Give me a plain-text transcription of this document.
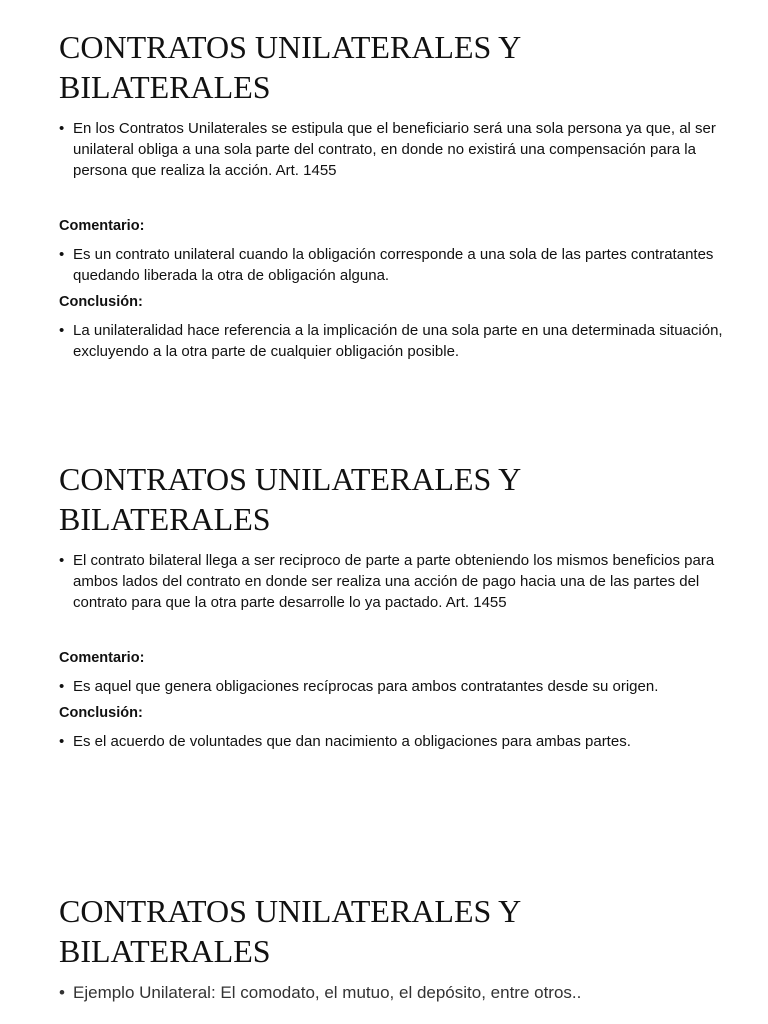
CONTRATOS UNILATERALES Y BILATERALES

• En los Contratos Unilaterales se estipula que el beneficiario será una sola persona ya que, al ser unilateral obliga a una sola parte del contrato, en donde no existirá una compensación para la persona que realiza la acción. Art. 1455

Comentario:

• Es un contrato unilateral cuando la obligación corresponde a una sola de las partes contratantes quedando liberada la otra de obligación alguna.

Conclusión:

• La unilateralidad hace referencia a la implicación de una sola parte en una determinada situación, excluyendo a la otra parte de cualquier obligación posible.

CONTRATOS UNILATERALES Y BILATERALES

• El contrato bilateral llega a ser reciproco de parte a parte obteniendo los mismos beneficios para ambos lados del contrato en donde ser realiza una acción de pago hacia una de las partes del contrato para que la otra parte desarrolle lo ya pactado. Art. 1455

Comentario:

• Es aquel que genera obligaciones recíprocas para ambos contratantes desde su origen.

Conclusión:

• Es el acuerdo de voluntades que dan nacimiento a obligaciones para ambas partes.

CONTRATOS UNILATERALES Y BILATERALES

• Ejemplo Unilateral: El comodato, el mutuo, el depósito, entre otros..
